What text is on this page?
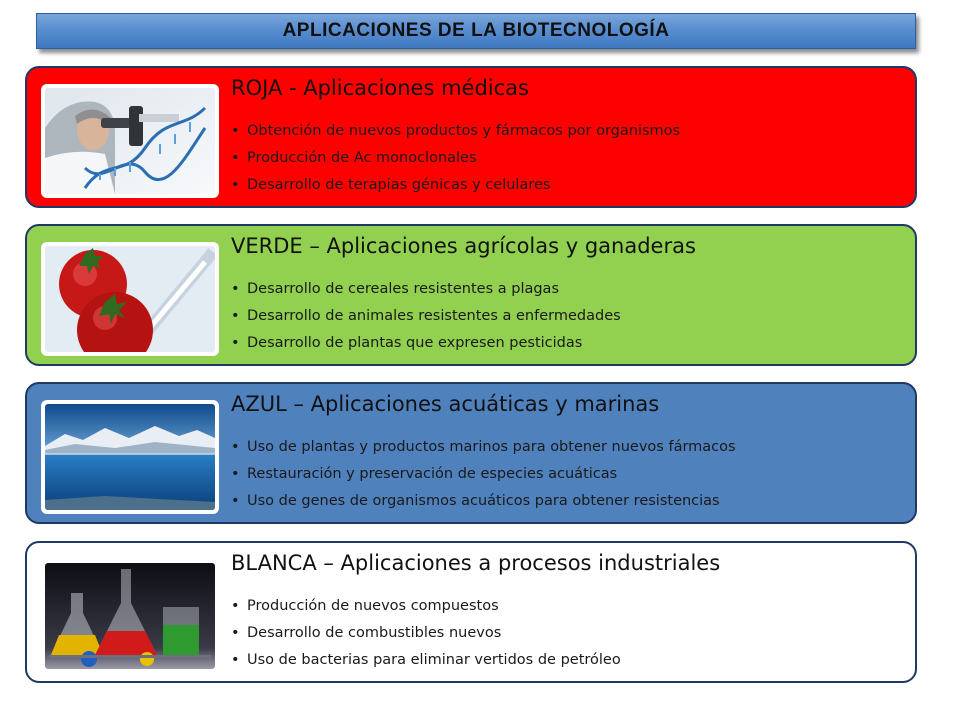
APLICACIONES DE LA BIOTECNOLOGÍA
ROJA - Aplicaciones médicas
• Obtención de nuevos productos y fármacos por organismos
• Producción de Ac monoclonales
• Desarrollo de terapias génicas y celulares
VERDE – Aplicaciones agrícolas y ganaderas
• Desarrollo de cereales resistentes a plagas
• Desarrollo de animales resistentes a enfermedades
• Desarrollo de plantas que expresen pesticidas
AZUL – Aplicaciones acuáticas y marinas
• Uso de plantas y productos marinos para obtener nuevos fármacos
• Restauración y preservación de especies acuáticas
• Uso de genes de organismos acuáticos para obtener resistencias
BLANCA – Aplicaciones a procesos industriales
• Producción de nuevos compuestos
• Desarrollo de combustibles nuevos
• Uso de bacterias para eliminar vertidos de petróleo
